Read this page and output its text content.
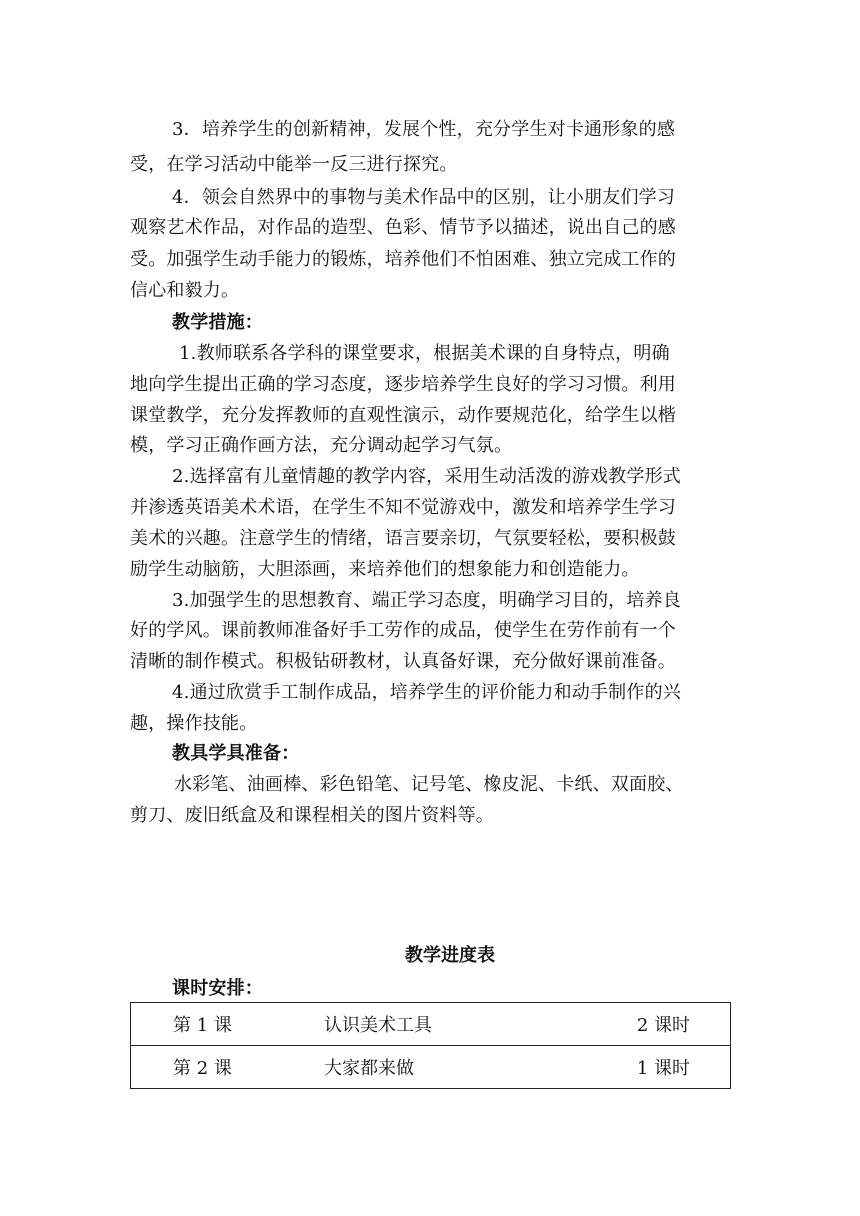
3．培养学生的创新精神，发展个性，充分学生对卡通形象的感
受，在学习活动中能举一反三进行探究。
4．领会自然界中的事物与美术作品中的区别，让小朋友们学习
观察艺术作品，对作品的造型、色彩、情节予以描述，说出自己的感
受。加强学生动手能力的锻炼，培养他们不怕困难、独立完成工作的
信心和毅力。
教学措施：
1.教师联系各学科的课堂要求，根据美术课的自身特点，明确
地向学生提出正确的学习态度，逐步培养学生良好的学习习惯。利用
课堂教学，充分发挥教师的直观性演示，动作要规范化，给学生以楷
模，学习正确作画方法，充分调动起学习气氛。
2.选择富有儿童情趣的教学内容，采用生动活泼的游戏教学形式
并渗透英语美术术语，在学生不知不觉游戏中，激发和培养学生学习
美术的兴趣。注意学生的情绪，语言要亲切，气氛要轻松，要积极鼓
励学生动脑筋，大胆添画，来培养他们的想象能力和创造能力。
3.加强学生的思想教育、端正学习态度，明确学习目的，培养良
好的学风。课前教师准备好手工劳作的成品，使学生在劳作前有一个
清晰的制作模式。积极钻研教材，认真备好课，充分做好课前准备。
4.通过欣赏手工制作成品，培养学生的评价能力和动手制作的兴
趣，操作技能。
教具学具准备：
水彩笔、油画棒、彩色铅笔、记号笔、橡皮泥、卡纸、双面胶、
剪刀、废旧纸盒及和课程相关的图片资料等。
教学进度表
课时安排：
第 1 课	认识美术工具	2 课时
第 2 课	大家都来做	1 课时
